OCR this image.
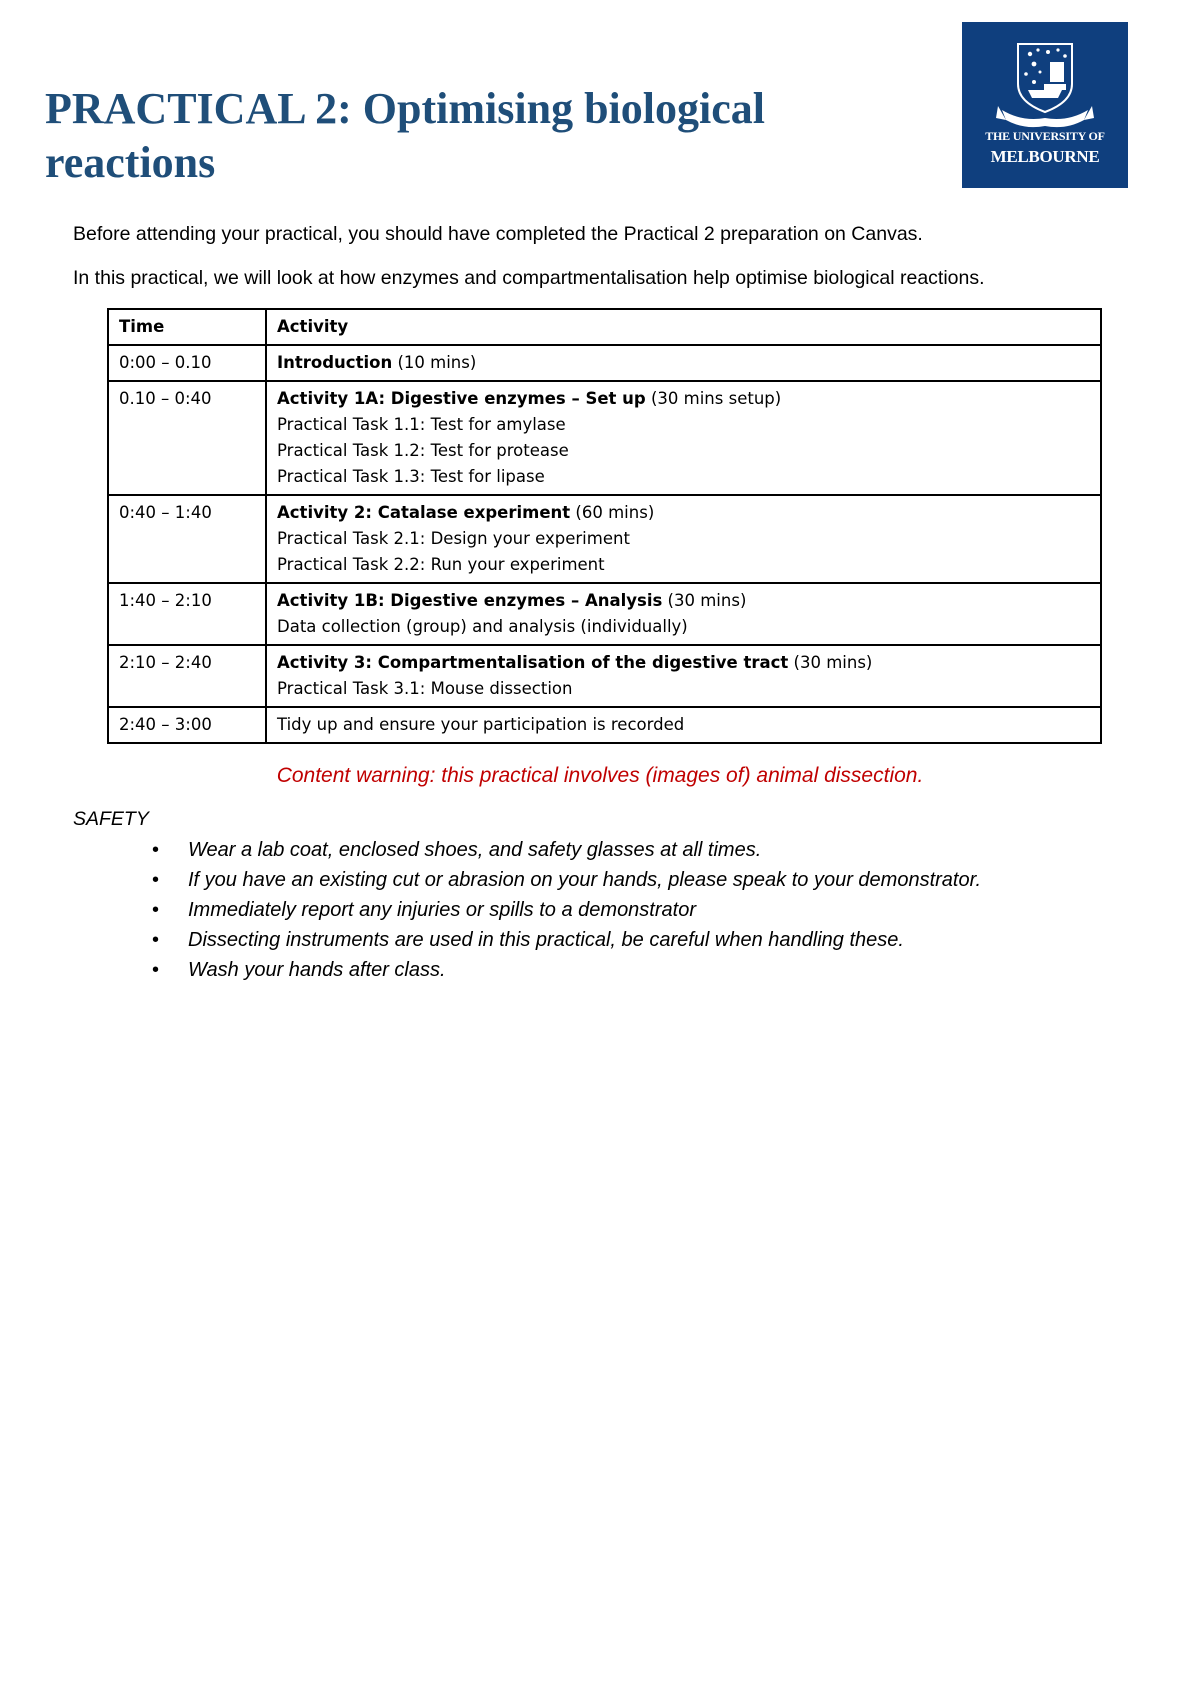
PRACTICAL 2: Optimising biological reactions
THE UNIVERSITY OF
MELBOURNE

Before attending your practical, you should have completed the Practical 2 preparation on Canvas.

In this practical, we will look at how enzymes and compartmentalisation help optimise biological reactions.

Time	Activity
0:00 – 0.10	Introduction (10 mins)
0.10 – 0:40	Activity 1A: Digestive enzymes – Set up (30 mins setup)
Practical Task 1.1: Test for amylase
Practical Task 1.2: Test for protease
Practical Task 1.3: Test for lipase

0:40 – 1:40	Activity 2: Catalase experiment (60 mins)
Practical Task 2.1: Design your experiment
Practical Task 2.2: Run your experiment

1:40 – 2:10	Activity 1B: Digestive enzymes – Analysis (30 mins)
Data collection (group) and analysis (individually)

2:10 – 2:40	Activity 3: Compartmentalisation of the digestive tract (30 mins)
Practical Task 3.1: Mouse dissection

2:40 – 3:00	Tidy up and ensure your participation is recorded

Content warning: this practical involves (images of) animal dissection.

SAFETY

• Wear a lab coat, enclosed shoes, and safety glasses at all times.
• If you have an existing cut or abrasion on your hands, please speak to your demonstrator.
• Immediately report any injuries or spills to a demonstrator
• Dissecting instruments are used in this practical, be careful when handling these.
• Wash your hands after class.
